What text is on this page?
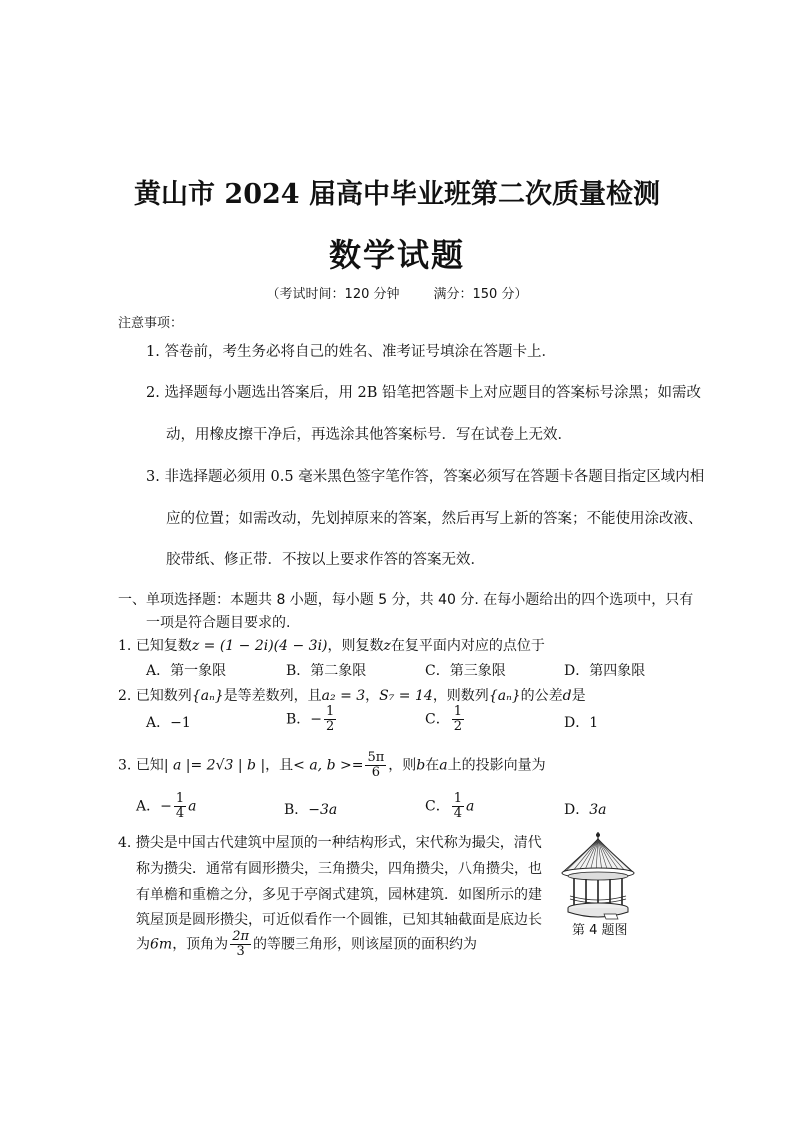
黄山市 2024 届高中毕业班第二次质量检测
数学试题
（考试时间：120 分钟	满分：150 分）
注意事项：
1. 答卷前，考生务必将自己的姓名、准考证号填涂在答题卡上．
2. 选择题每小题选出答案后，用 2B 铅笔把答题卡上对应题目的答案标号涂黑；如需改
动，用橡皮擦干净后，再选涂其他答案标号．写在试卷上无效．
3. 非选择题必须用 0.5 毫米黑色签字笔作答，答案必须写在答题卡各题目指定区域内相
应的位置；如需改动，先划掉原来的答案，然后再写上新的答案；不能使用涂改液、
胶带纸、修正带．不按以上要求作答的答案无效．
一、单项选择题：本题共 8 小题，每小题 5 分，共 40 分. 在每小题给出的四个选项中，只有
一项是符合题目要求的.
1. 已知复数z = (1 − 2i)(4 − 3i)，则复数z在复平面内对应的点位于
A．第一象限	B．第二象限	C．第三象限	D．第四象限
2. 已知数列{aₙ}是等差数列，且a₂ = 3，S₇ = 14，则数列{aₙ}的公差d是
A．−1	B．− $\frac{1}{2}$	C． $\frac{1}{2}$	D．1
3. 已知| a |= 2√3 | b |，且< a, $b >= \frac{5\pi}{6}$ ，则b在a上的投影向量为
A．− $\frac{1}{4}$ a	B．−3a	C． $\frac{1}{4}$ a	D．3a
4. 攒尖是中国古代建筑中屋顶的一种结构形式，宋代称为撮尖，清代
称为攒尖．通常有圆形攒尖，三角攒尖，四角攒尖，八角攒尖，也
有单檐和重檐之分，多见于亭阁式建筑，园林建筑．如图所示的建
筑屋顶是圆形攒尖，可近似看作一个圆锥，已知其轴截面是底边长
为6m，顶角为 $\frac{2\pi}{3}$ 的等腰三角形，则该屋顶的面积约为
第 4 题图
